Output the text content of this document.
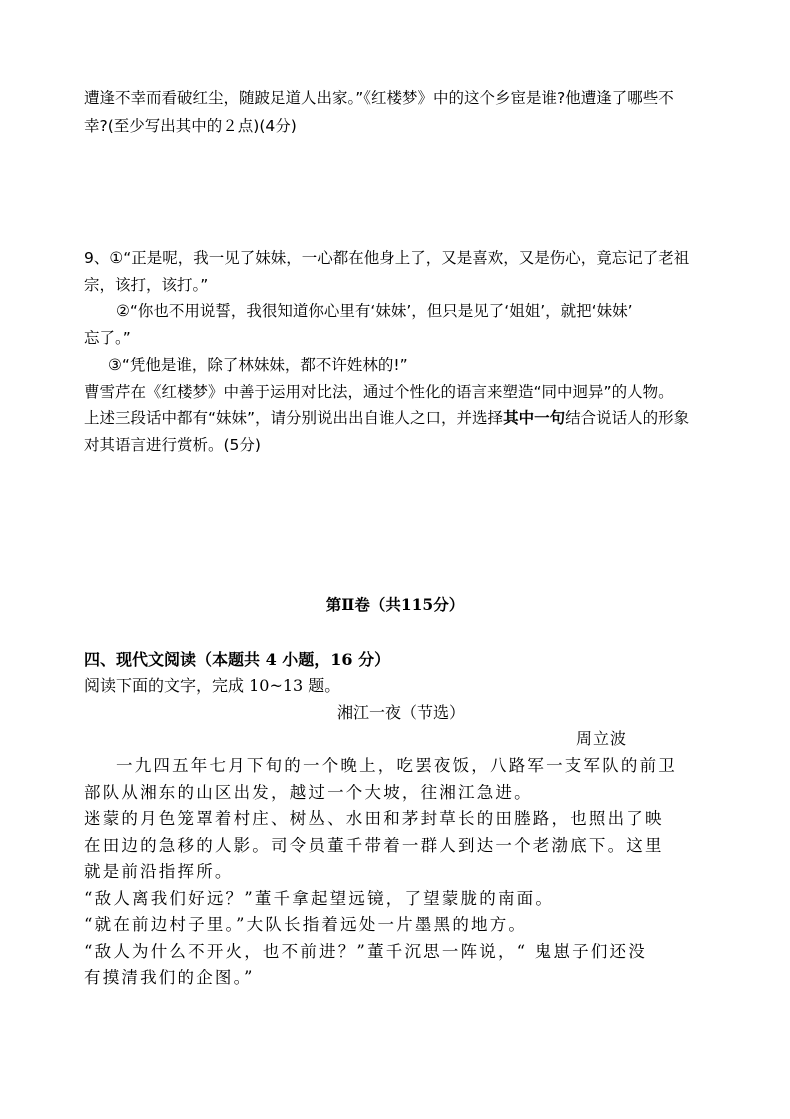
遭逢不幸而看破红尘，随跛足道人出家。”《红楼梦》中的这个乡宦是谁?他遭逢了哪些不
幸?(至少写出其中的２点)(4分)
9、①“正是呢，我一见了妹妹，一心都在他身上了，又是喜欢，又是伤心，竟忘记了老祖
宗，该打，该打。”
②“你也不用说誓，我很知道你心里有‘妹妹’，但只是见了‘姐姐’，就把‘妹妹’
忘了。”
③“凭他是谁，除了林妹妹，都不许姓林的!”
曹雪芹在《红楼梦》中善于运用对比法，通过个性化的语言来塑造“同中迥异”的人物。
上述三段话中都有“妹妹”，请分别说出出自谁人之口，并选择其中一句结合说话人的形象
对其语言进行赏析。(5分)
第Ⅱ卷（共115分）
四、现代文阅读（本题共 4 小题，16 分）
阅读下面的文字，完成 10~13 题。
湘江一夜（节选）
周立波
一九四五年七月下旬的一个晚上，吃罢夜饭，八路军一支军队的前卫
部队从湘东的山区出发，越过一个大坡，往湘江急进。
迷蒙的月色笼罩着村庄、树丛、水田和茅封草长的田塍路，也照出了映
在田边的急移的人影。司令员董千带着一群人到达一个老渤底下。这里
就是前沿指挥所。
“敌人离我们好远？”董千拿起望远镜，了望蒙胧的南面。
“就在前边村子里。”大队长指着远处一片墨黑的地方。
“敌人为什么不开火，也不前进？”董千沉思一阵说，“ 鬼崽子们还没
有摸清我们的企图。”
